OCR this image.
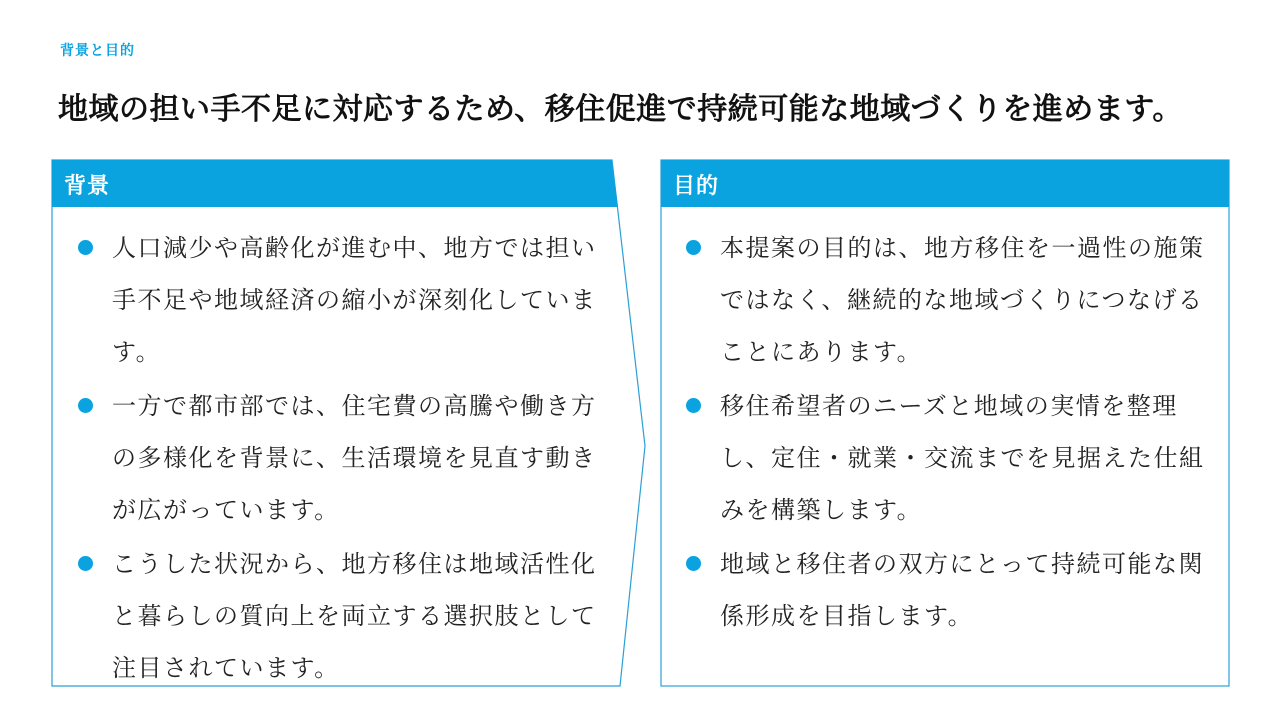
背景と目的
地域の担い手不足に対応するため、移住促進で持続可能な地域づくりを進めます。
背景	目的
人口減少や高齢化が進む中、地方では担い手不足や地域経済の縮小が深刻化しています。
一方で都市部では、住宅費の高騰や働き方の多様化を背景に、生活環境を見直す動きが広がっています。
こうした状況から、地方移住は地域活性化と暮らしの質向上を両立する選択肢として注目されています。
本提案の目的は、地方移住を一過性の施策ではなく、継続的な地域づくりにつなげることにあります。
移住希望者のニーズと地域の実情を整理し、定住・就業・交流までを見据えた仕組みを構築します。
地域と移住者の双方にとって持続可能な関係形成を目指します。
